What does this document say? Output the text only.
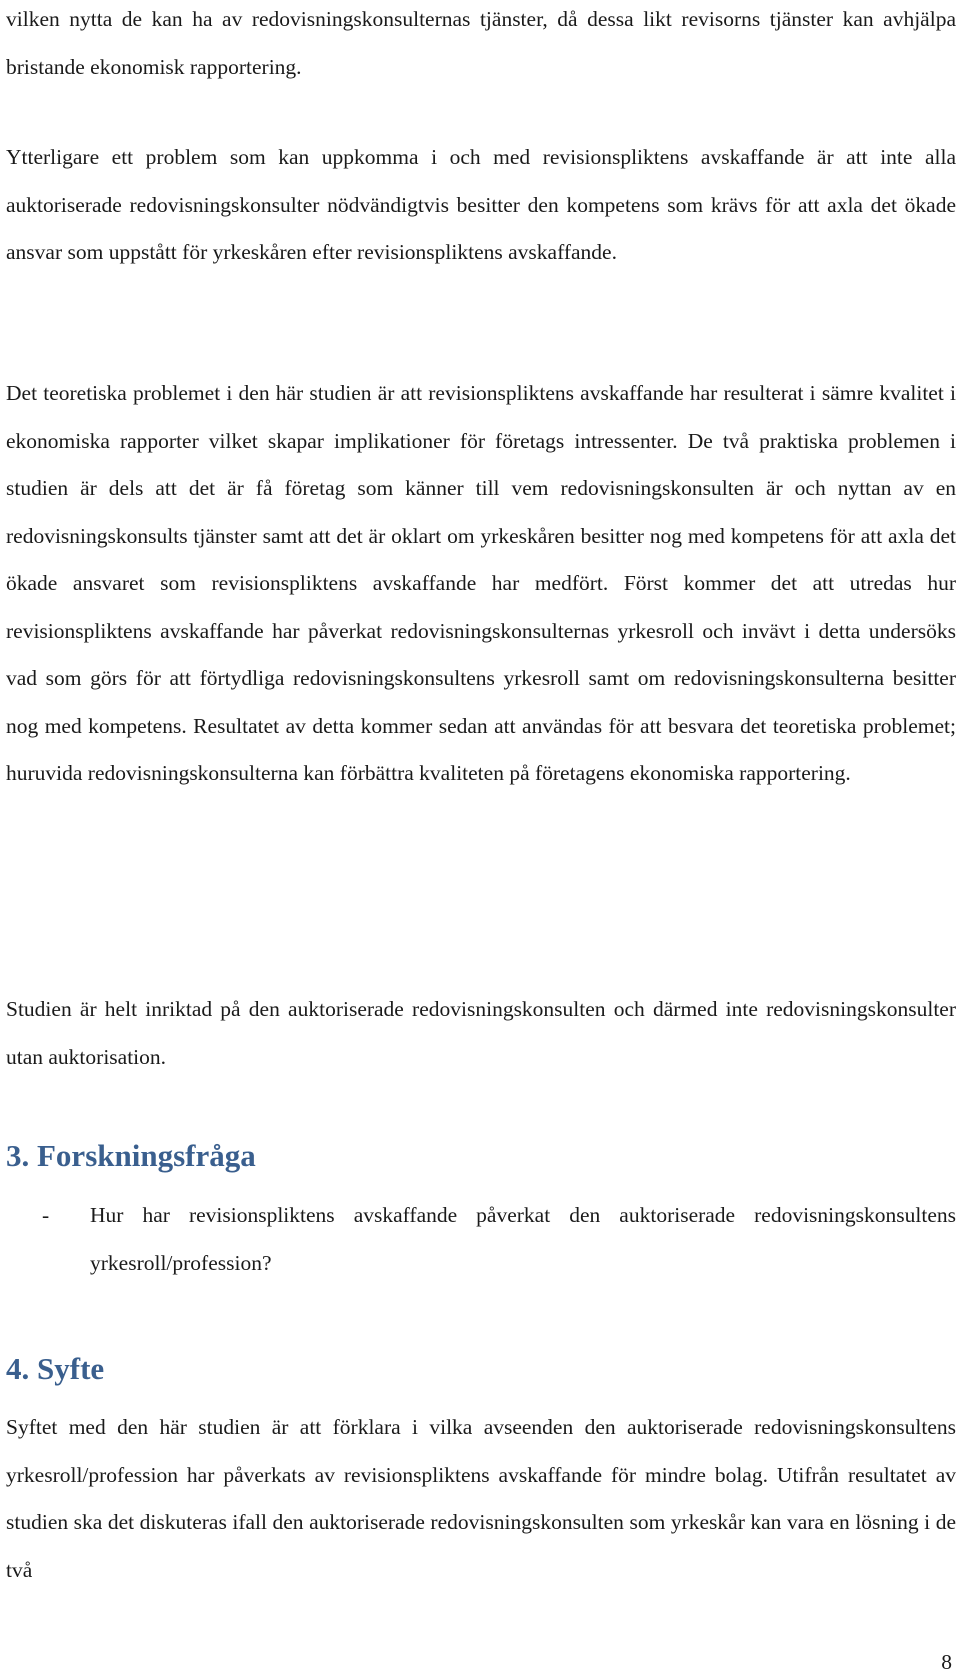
vilken nytta de kan ha av redovisningskonsulternas tjänster, då dessa likt revisorns tjänster kan avhjälpa bristande ekonomisk rapportering.

Ytterligare ett problem som kan uppkomma i och med revisionspliktens avskaffande är att inte alla auktoriserade redovisningskonsulter nödvändigtvis besitter den kompetens som krävs för att axla det ökade ansvar som uppstått för yrkeskåren efter revisionspliktens avskaffande.

Det teoretiska problemet i den här studien är att revisionspliktens avskaffande har resulterat i sämre kvalitet i ekonomiska rapporter vilket skapar implikationer för företags intressenter. De två praktiska problemen i studien är dels att det är få företag som känner till vem redovisningskonsulten är och nyttan av en redovisningskonsults tjänster samt att det är oklart om yrkeskåren besitter nog med kompetens för att axla det ökade ansvaret som revisionspliktens avskaffande har medfört. Först kommer det att utredas hur revisionspliktens avskaffande har påverkat redovisningskonsulternas yrkesroll och invävt i detta undersöks vad som görs för att förtydliga redovisningskonsultens yrkesroll samt om redovisningskonsulterna besitter nog med kompetens. Resultatet av detta kommer sedan att användas för att besvara det teoretiska problemet; huruvida redovisningskonsulterna kan förbättra kvaliteten på företagens ekonomiska rapportering.

Studien är helt inriktad på den auktoriserade redovisningskonsulten och därmed inte redovisningskonsulter utan auktorisation.

3. Forskningsfråga
-	Hur har revisionspliktens avskaffande påverkat den auktoriserade redovisningskonsultens yrkesroll/profession?
4. Syfte

Syftet med den här studien är att förklara i vilka avseenden den auktoriserade redovisningskonsultens yrkesroll/profession har påverkats av revisionspliktens avskaffande för mindre bolag. Utifrån resultatet av studien ska det diskuteras ifall den auktoriserade redovisningskonsulten som yrkeskår kan vara en lösning i de två

8
